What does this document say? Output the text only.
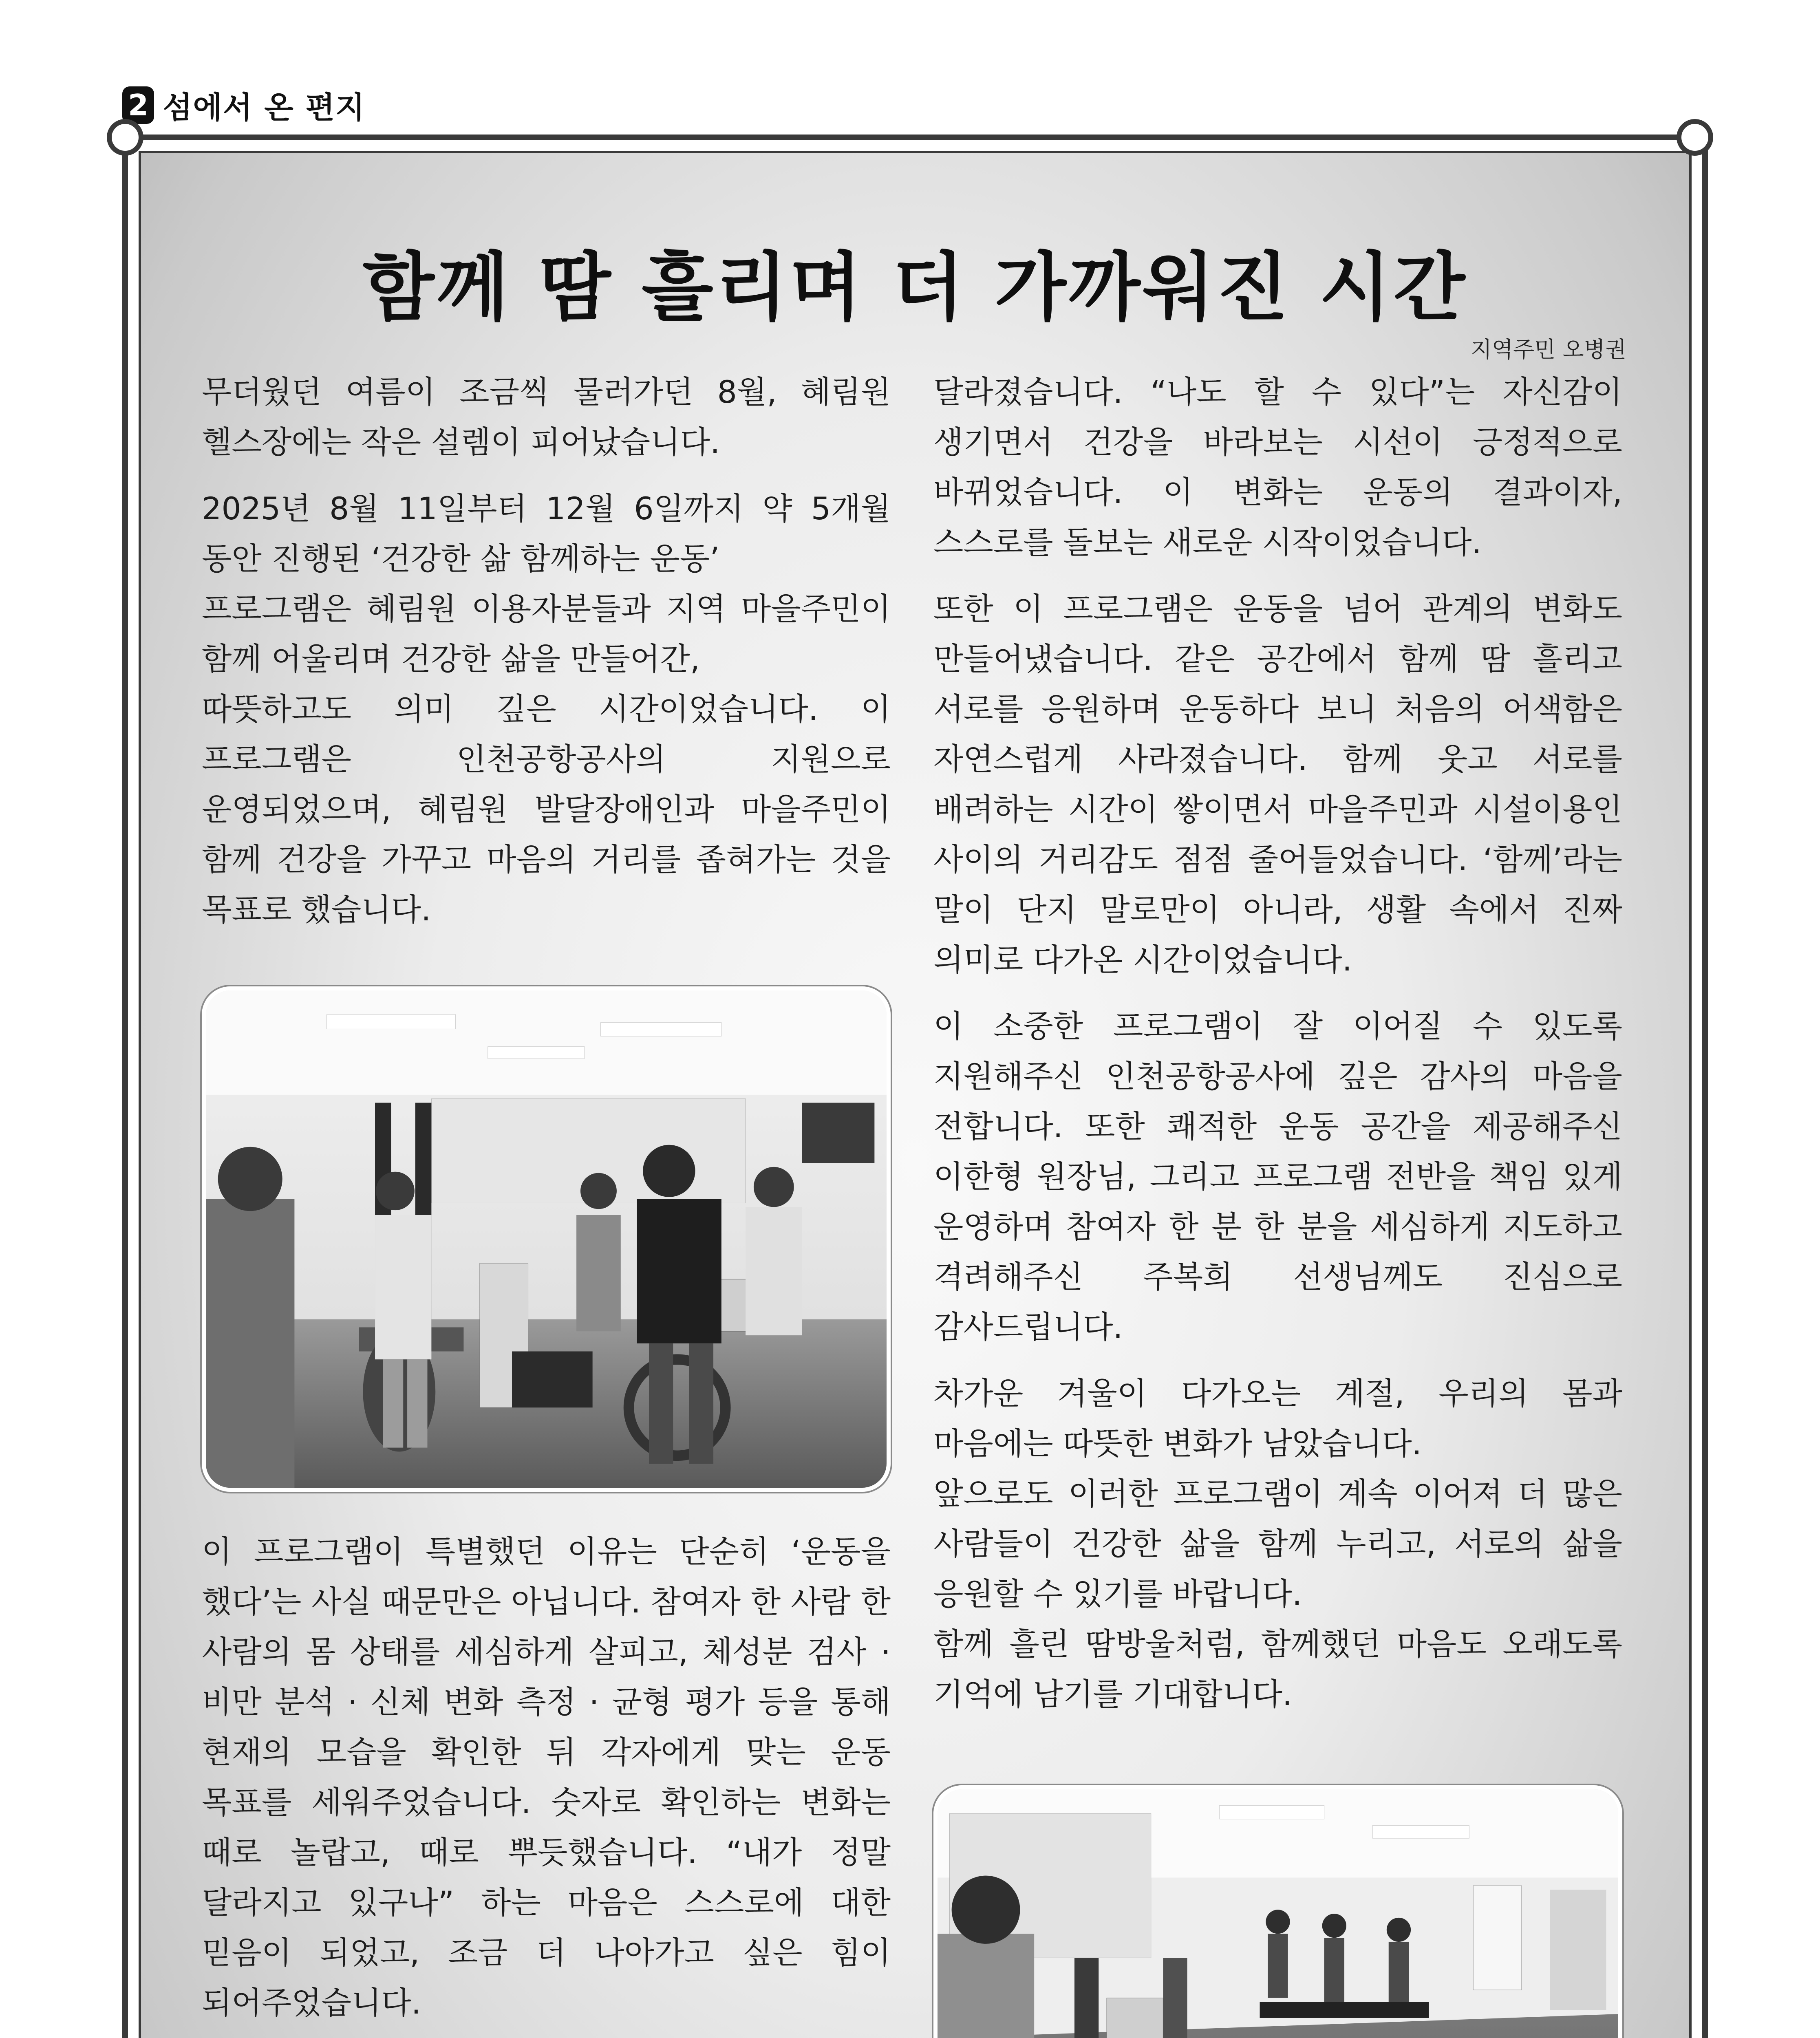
2 섬에서 온 편지
함께 땀 흘리며 더 가까워진 시간
지역주민 오병권

무더웠던 여름이 조금씩 물러가던 8월, 혜림원 헬스장에는 작은 설렘이 피어났습니다.

2025년 8월 11일부터 12월 6일까지 약 5개월 동안 진행된 ‘건강한 삶 함께하는 운동’

프로그램은 혜림원 이용자분들과 지역 마을주민이 함께 어울리며 건강한 삶을 만들어간,

따뜻하고도 의미 깊은 시간이었습니다. 이 프로그램은 인천공항공사의 지원으로 운영되었으며, 혜림원 발달장애인과 마을주민이 함께 건강을 가꾸고 마음의 거리를 좁혀가는 것을 목표로 했습니다.

이 프로그램이 특별했던 이유는 단순히 ‘운동을 했다’는 사실 때문만은 아닙니다. 참여자 한 사람 한 사람의 몸 상태를 세심하게 살피고, 체성분 검사 · 비만 분석 · 신체 변화 측정 · 균형 평가 등을 통해 현재의 모습을 확인한 뒤 각자에게 맞는 운동 목표를 세워주었습니다. 숫자로 확인하는 변화는 때로 놀랍고, 때로 뿌듯했습니다. “내가 정말 달라지고 있구나” 하는 마음은 스스로에 대한 믿음이 되었고, 조금 더 나아가고 싶은 힘이 되어주었습니다.

달라졌습니다. “나도 할 수 있다”는 자신감이 생기면서 건강을 바라보는 시선이 긍정적으로 바뀌었습니다. 이 변화는 운동의 결과이자, 스스로를 돌보는 새로운 시작이었습니다.

또한 이 프로그램은 운동을 넘어 관계의 변화도 만들어냈습니다. 같은 공간에서 함께 땀 흘리고 서로를 응원하며 운동하다 보니 처음의 어색함은 자연스럽게 사라졌습니다. 함께 웃고 서로를 배려하는 시간이 쌓이면서 마을주민과 시설이용인 사이의 거리감도 점점 줄어들었습니다. ‘함께’라는 말이 단지 말로만이 아니라, 생활 속에서 진짜 의미로 다가온 시간이었습니다.

이 소중한 프로그램이 잘 이어질 수 있도록 지원해주신 인천공항공사에 깊은 감사의 마음을 전합니다. 또한 쾌적한 운동 공간을 제공해주신 이한형 원장님, 그리고 프로그램 전반을 책임 있게 운영하며 참여자 한 분 한 분을 세심하게 지도하고 격려해주신 주복희 선생님께도 진심으로 감사드립니다.

차가운 겨울이 다가오는 계절, 우리의 몸과 마음에는 따뜻한 변화가 남았습니다.

앞으로도 이러한 프로그램이 계속 이어져 더 많은 사람들이 건강한 삶을 함께 누리고, 서로의 삶을 응원할 수 있기를 바랍니다.

함께 흘린 땀방울처럼, 함께했던 마음도 오래도록 기억에 남기를 기대합니다.
